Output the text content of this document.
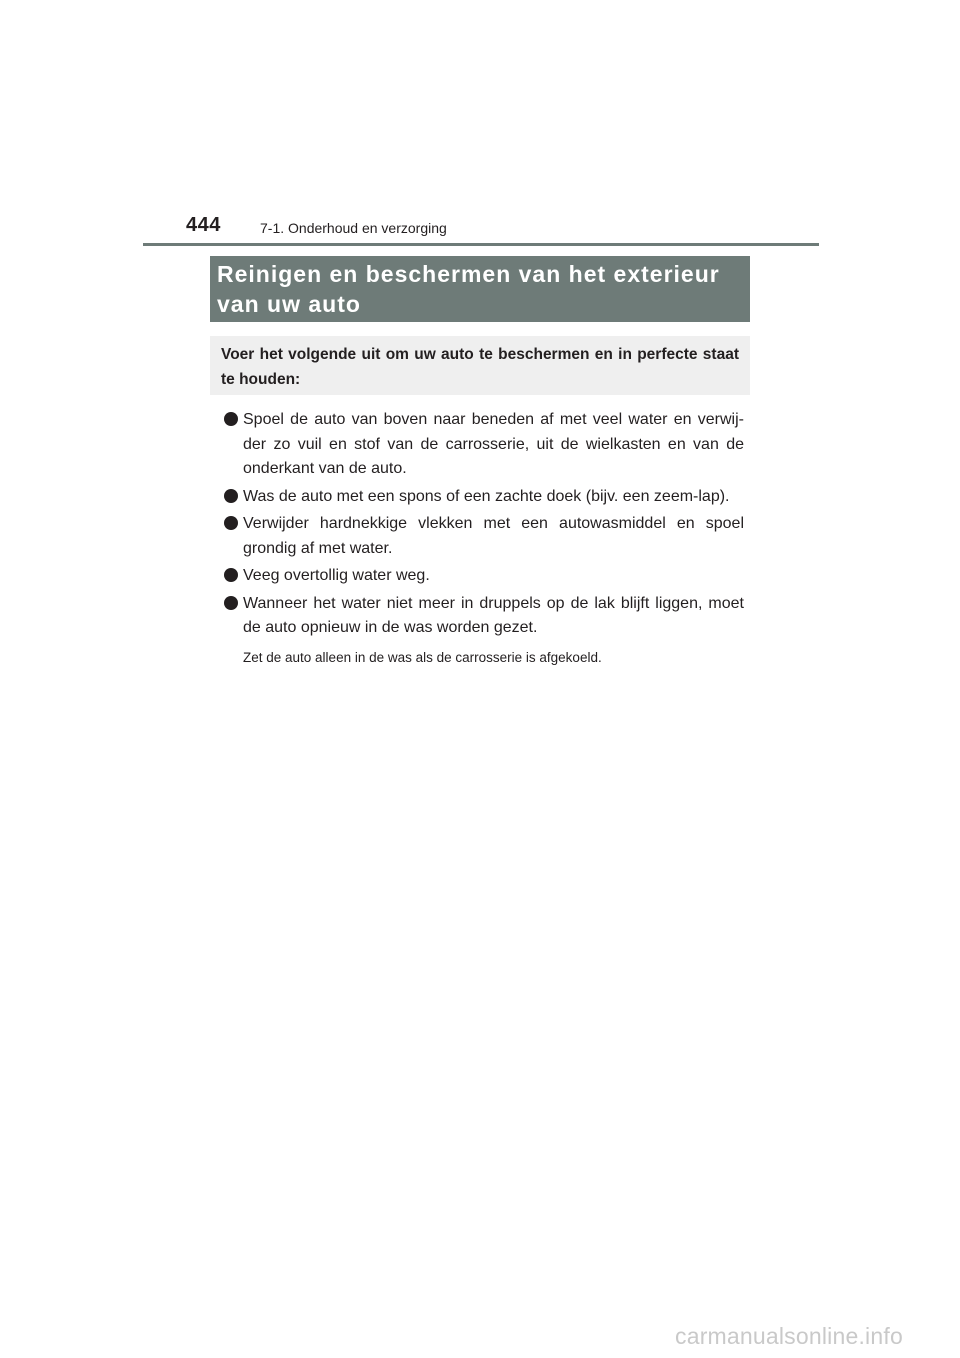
444	7-1. Onderhoud en verzorging
Reinigen en beschermen van het exterieur van uw auto

Voer het volgende uit om uw auto te beschermen en in perfecte staat te houden:

Spoel de auto van boven naar beneden af met veel water en verwij-der zo vuil en stof van de carrosserie, uit de wielkasten en van de onderkant van de auto.
Was de auto met een spons of een zachte doek (bijv. een zeem-lap).
Verwijder hardnekkige vlekken met een autowasmiddel en spoel grondig af met water.
Veeg overtollig water weg.
Wanneer het water niet meer in druppels op de lak blijft liggen, moet de auto opnieuw in de was worden gezet.

Zet de auto alleen in de was als de carrosserie is afgekoeld.

carmanualsonline.info
